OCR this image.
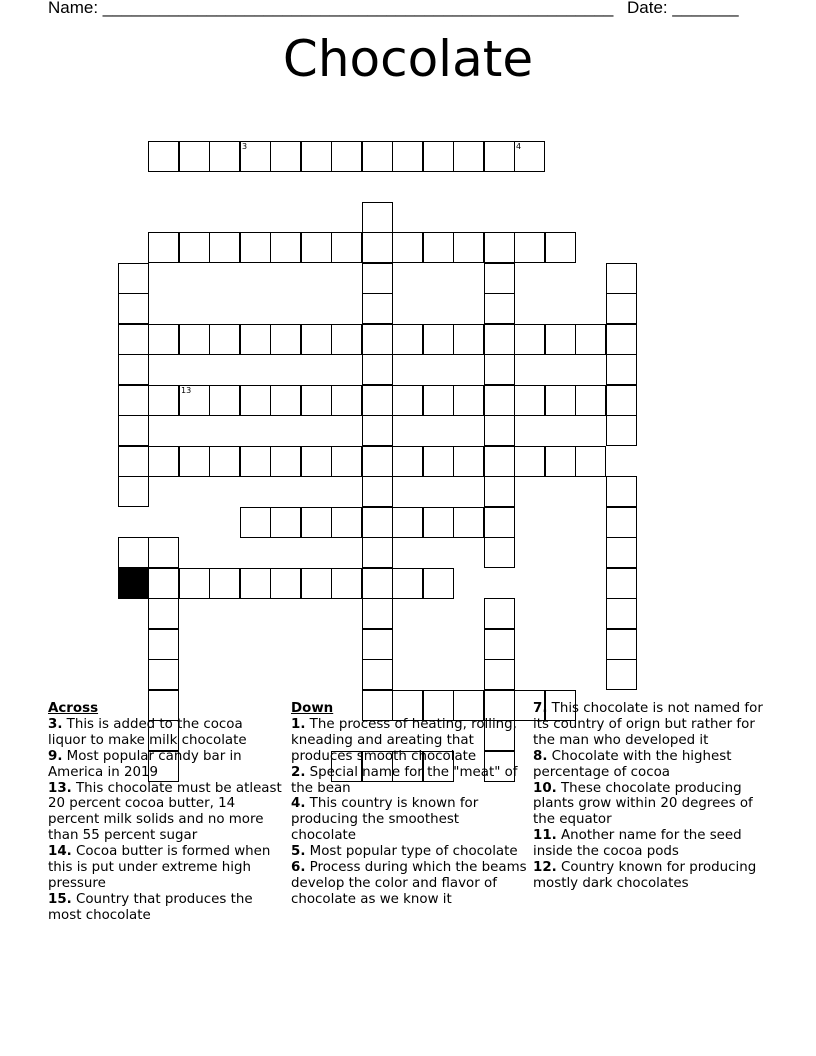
Name: ______________________________________________________ Date: _______
Chocolate
3	4
13
Across
3. This is added to the cocoa liquor to make milk chocolate
9. Most popular candy bar in America in 2019
13. This chocolate must be atleast 20 percent cocoa butter, 14 percent milk solids and no more than 55 percent sugar
14. Cocoa butter is formed when this is put under extreme high pressure
15. Country that produces the most chocolate
Down
1. The process of heating, rolling, kneading and areating that produces smooth chocolate
2. Special name for the "meat" of the bean
4. This country is known for producing the smoothest chocolate
5. Most popular type of chocolate
6. Process during which the beams develop the color and flavor of chocolate as we know it
7. This chocolate is not named for its country of orign but rather for the man who developed it
8. Chocolate with the highest percentage of cocoa
10. These chocolate producing plants grow within 20 degrees of the equator
11. Another name for the seed inside the cocoa pods
12. Country known for producing mostly dark chocolates
